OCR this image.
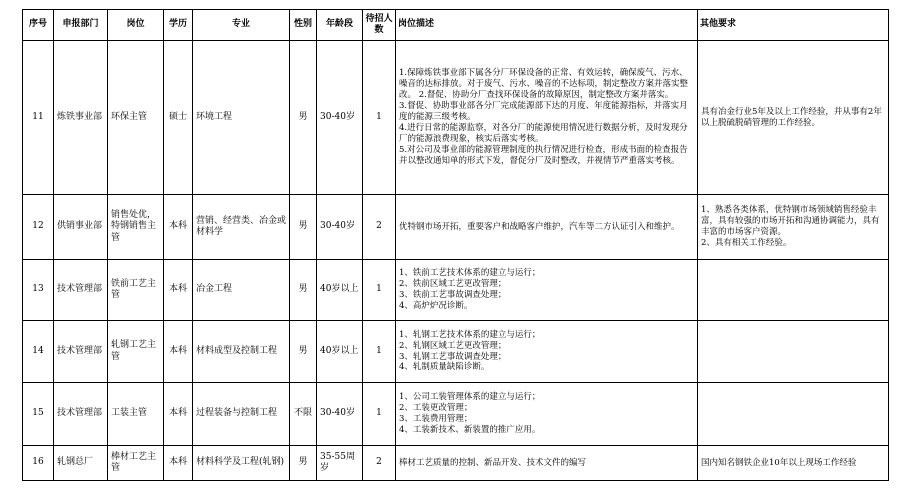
序号	申报部门	岗位	学历	专业	性别	年龄段	待招人数	岗位描述	其他要求
11	炼铁事业部	环保主管	硕士	环境工程	男	30-40岁	1	1.保障炼铁事业部下属各分厂环保设备的正常、有效运转，确保废气、污水、噪音的达标排放。对于废气、污水、噪音的不达标项，制定整改方案并落实整改。 2.督促、协助分厂查找环保设备的故障原因，制定整改方案并落实。
3.督促、协助事业部各分厂完成能源部下达的月度、年度能源指标，并落实月度的能源三级考核。
4.进行日常的能源监察，对各分厂的能源使用情况进行数据分析，及时发现分厂的能源浪费现象，核实后落实考核。
5.对公司及事业部的能源管理制度的执行情况进行检查，形成书面的检查报告并以整改通知单的形式下发，督促分厂及时整改，并视情节严重落实考核。	具有冶金行业5年及以上工作经验，并从事有2年以上脱硫脱硝管理的工作经验。

12	供销事业部	销售处优，特钢销售主管	本科	营销、经营类、冶金或材料学	男	30-40岁	2	优特钢市场开拓，重要客户和战略客户维护，汽车等二方认证引入和维护。	1、熟悉各类体系，优特钢市场领域销售经验丰富，具有较强的市场开拓和沟通协调能力，具有丰富的市场客户资源。
2、具有相关工作经验。

13	技术管理部	铁前工艺主管	本科	冶金工程	男	40岁以上	1	1、铁前工艺技术体系的建立与运行；
2、铁前区域工艺更改管理；
3、铁前工艺事故调查处理；
4、高炉炉况诊断。	

14	技术管理部	轧钢工艺主管	本科	材料成型及控制工程	男	40岁以上	1	1、轧钢工艺技术体系的建立与运行；
2、轧钢区域工艺更改管理；
3、轧钢工艺事故调查处理；
4、轧制质量缺陷诊断。	

15	技术管理部	工装主管	本科	过程装备与控制工程	不限	30-40岁	1	1、公司工装管理体系的建立与运行；
2、工装更改管理；
3、工装费用管理；
4、工装新技术、新装置的推广应用。	

16	轧钢总厂	棒材工艺主管	本科	材料科学及工程(轧钢)	男	35-55周岁	2	棒材工艺质量的控制、新品开发、技术文件的编写	国内知名钢铁企业10年以上现场工作经验
